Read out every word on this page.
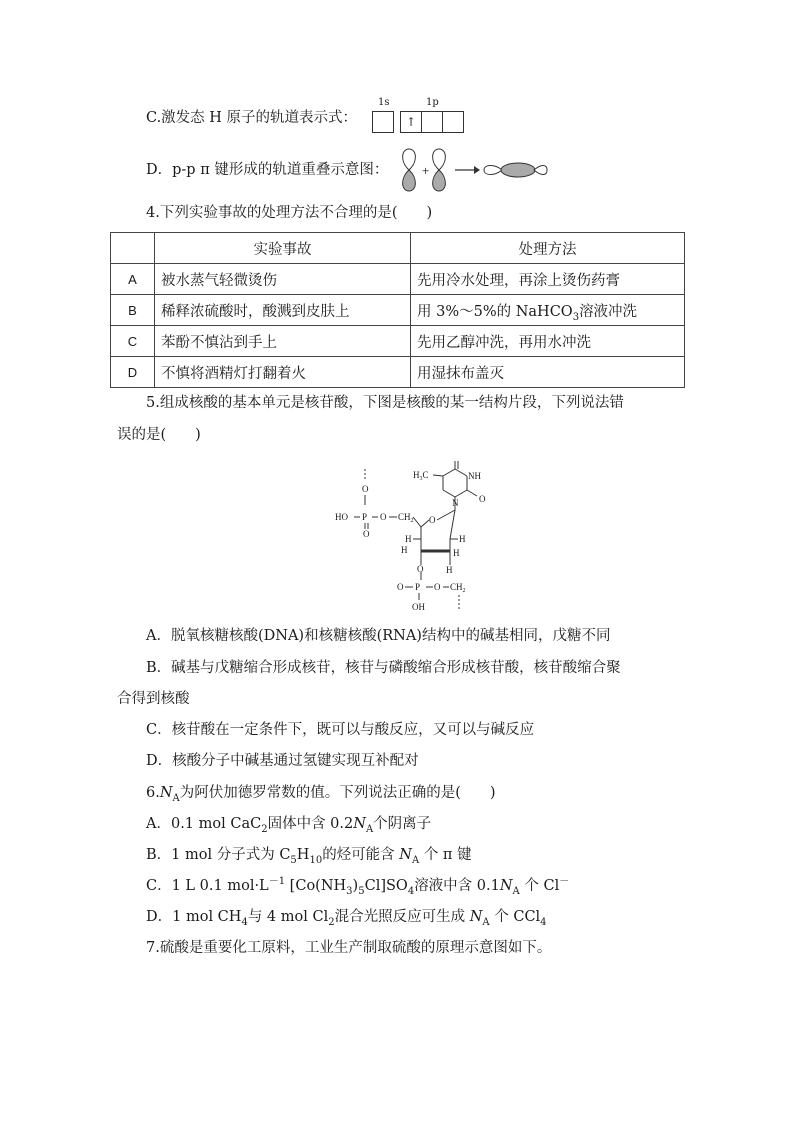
C.激发态 H 原子的轨道表示式：
1s	1p
↑
D．p-p π 键形成的轨道重叠示意图：	+
4.下列实验事故的处理方法不合理的是(　　)
	实验事故	处理方法
A	被水蒸气轻微烫伤	先用冷水处理，再涂上烫伤药膏
B	稀释浓硫酸时，酸溅到皮肤上	用 3%～5%的 NaHCO$_3$溶液冲洗
C	苯酚不慎沾到手上	先用乙醇冲洗，再用水冲洗
D	不慎将酒精灯打翻着火	用湿抹布盖灭
5.组成核酸的基本单元是核苷酸，下图是核酸的某一结构片段，下列说法错
误的是(　　)
O
HO P O
O
$CH_2$ O
H	H
H	H
O	H
N
NH
O
$H_3C$
O P O $CH_2$
OH
A．脱氧核糖核酸(DNA)和核糖核酸(RNA)结构中的碱基相同，戊糖不同
B．碱基与戊糖缩合形成核苷，核苷与磷酸缩合形成核苷酸，核苷酸缩合聚
合得到核酸
C．核苷酸在一定条件下，既可以与酸反应，又可以与碱反应
D．核酸分子中碱基通过氢键实现互补配对
$6.N_A$为阿伏加德罗常数的值。下列说法正确的是(　　)
A．0.1 mol CaC$_2$固体中含 $0.2N_A$个阴离子
B．1 mol 分子式为 $C_5H_{10}$的烃可能含 $N_A$ 个 π 键
C．1 L 0.1 $mol\cdot L^{-1}$ $[Co(NH_3)_5Cl]SO_4$溶液中含 $0.1N_A$ 个 Cl－
D．1 mol $CH_4$与 4 mol $Cl_2$混合光照反应可生成 $N_A$ 个 CCl$_4$
7.硫酸是重要化工原料，工业生产制取硫酸的原理示意图如下。
